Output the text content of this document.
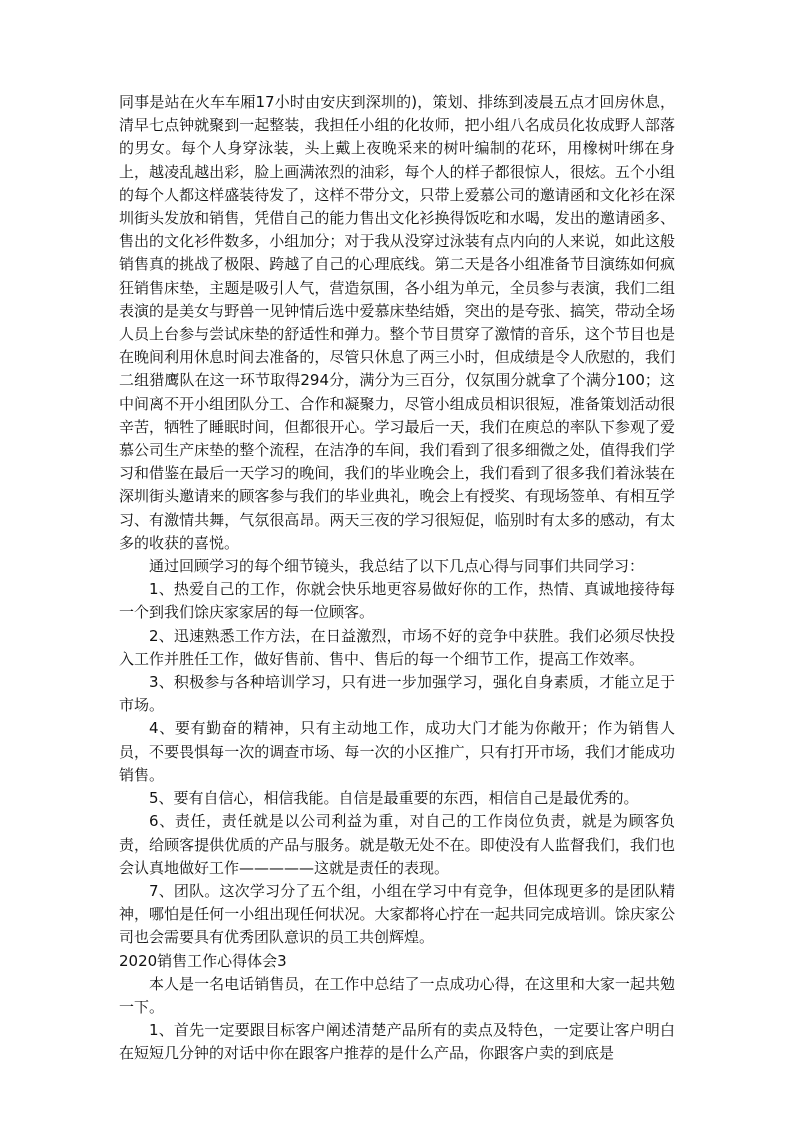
同事是站在火车车厢17小时由安庆到深圳的)，策划、排练到凌晨五点才回房休息，清早七点钟就聚到一起整装，我担任小组的化妆师，把小组八名成员化妆成野人部落的男女。每个人身穿泳装，头上戴上夜晚采来的树叶编制的花环，用橡树叶绑在身上，越凌乱越出彩，脸上画满浓烈的油彩，每个人的样子都很惊人，很炫。五个小组的每个人都这样盛装待发了，这样不带分文，只带上爱慕公司的邀请函和文化衫在深圳街头发放和销售，凭借自己的能力售出文化衫换得饭吃和水喝，发出的邀请函多、售出的文化衫件数多，小组加分；对于我从没穿过泳装有点内向的人来说，如此这般销售真的挑战了极限、跨越了自己的心理底线。第二天是各小组准备节目演练如何疯狂销售床垫，主题是吸引人气，营造氛围，各小组为单元，全员参与表演，我们二组表演的是美女与野兽一见钟情后选中爱慕床垫结婚，突出的是夸张、搞笑，带动全场人员上台参与尝试床垫的舒适性和弹力。整个节目贯穿了激情的音乐，这个节目也是在晚间利用休息时间去准备的，尽管只休息了两三小时，但成绩是令人欣慰的，我们二组猎鹰队在这一环节取得294分，满分为三百分，仅氛围分就拿了个满分100；这中间离不开小组团队分工、合作和凝聚力，尽管小组成员相识很短，准备策划活动很辛苦，牺牲了睡眠时间，但都很开心。学习最后一天，我们在庾总的率队下参观了爱慕公司生产床垫的整个流程，在洁净的车间，我们看到了很多细微之处，值得我们学习和借鉴在最后一天学习的晚间，我们的毕业晚会上，我们看到了很多我们着泳装在深圳街头邀请来的顾客参与我们的毕业典礼，晚会上有授奖、有现场签单、有相互学习、有激情共舞，气氛很高昂。两天三夜的学习很短促，临别时有太多的感动，有太多的收获的喜悦。

通过回顾学习的每个细节镜头，我总结了以下几点心得与同事们共同学习：

1、热爱自己的工作，你就会快乐地更容易做好你的工作，热情、真诚地接待每一个到我们馀庆家家居的每一位顾客。

2、迅速熟悉工作方法，在日益激烈，市场不好的竞争中获胜。我们必须尽快投入工作并胜任工作，做好售前、售中、售后的每一个细节工作，提高工作效率。

3、积极参与各种培训学习，只有进一步加强学习，强化自身素质，才能立足于市场。

4、要有勤奋的精神，只有主动地工作，成功大门才能为你敞开；作为销售人员，不要畏惧每一次的调查市场、每一次的小区推广，只有打开市场，我们才能成功销售。

5、要有自信心，相信我能。自信是最重要的东西，相信自己是最优秀的。

6、责任，责任就是以公司利益为重，对自己的工作岗位负责，就是为顾客负责，给顾客提供优质的产品与服务。就是敬无处不在。即使没有人监督我们，我们也会认真地做好工作—————这就是责任的表现。

7、团队。这次学习分了五个组，小组在学习中有竞争，但体现更多的是团队精神，哪怕是任何一小组出现任何状况。大家都将心拧在一起共同完成培训。馀庆家公司也会需要具有优秀团队意识的员工共创辉煌。

2020销售工作心得体会3

本人是一名电话销售员，在工作中总结了一点成功心得，在这里和大家一起共勉一下。

1、首先一定要跟目标客户阐述清楚产品所有的卖点及特色，一定要让客户明白在短短几分钟的对话中你在跟客户推荐的是什么产品，你跟客户卖的到底是
